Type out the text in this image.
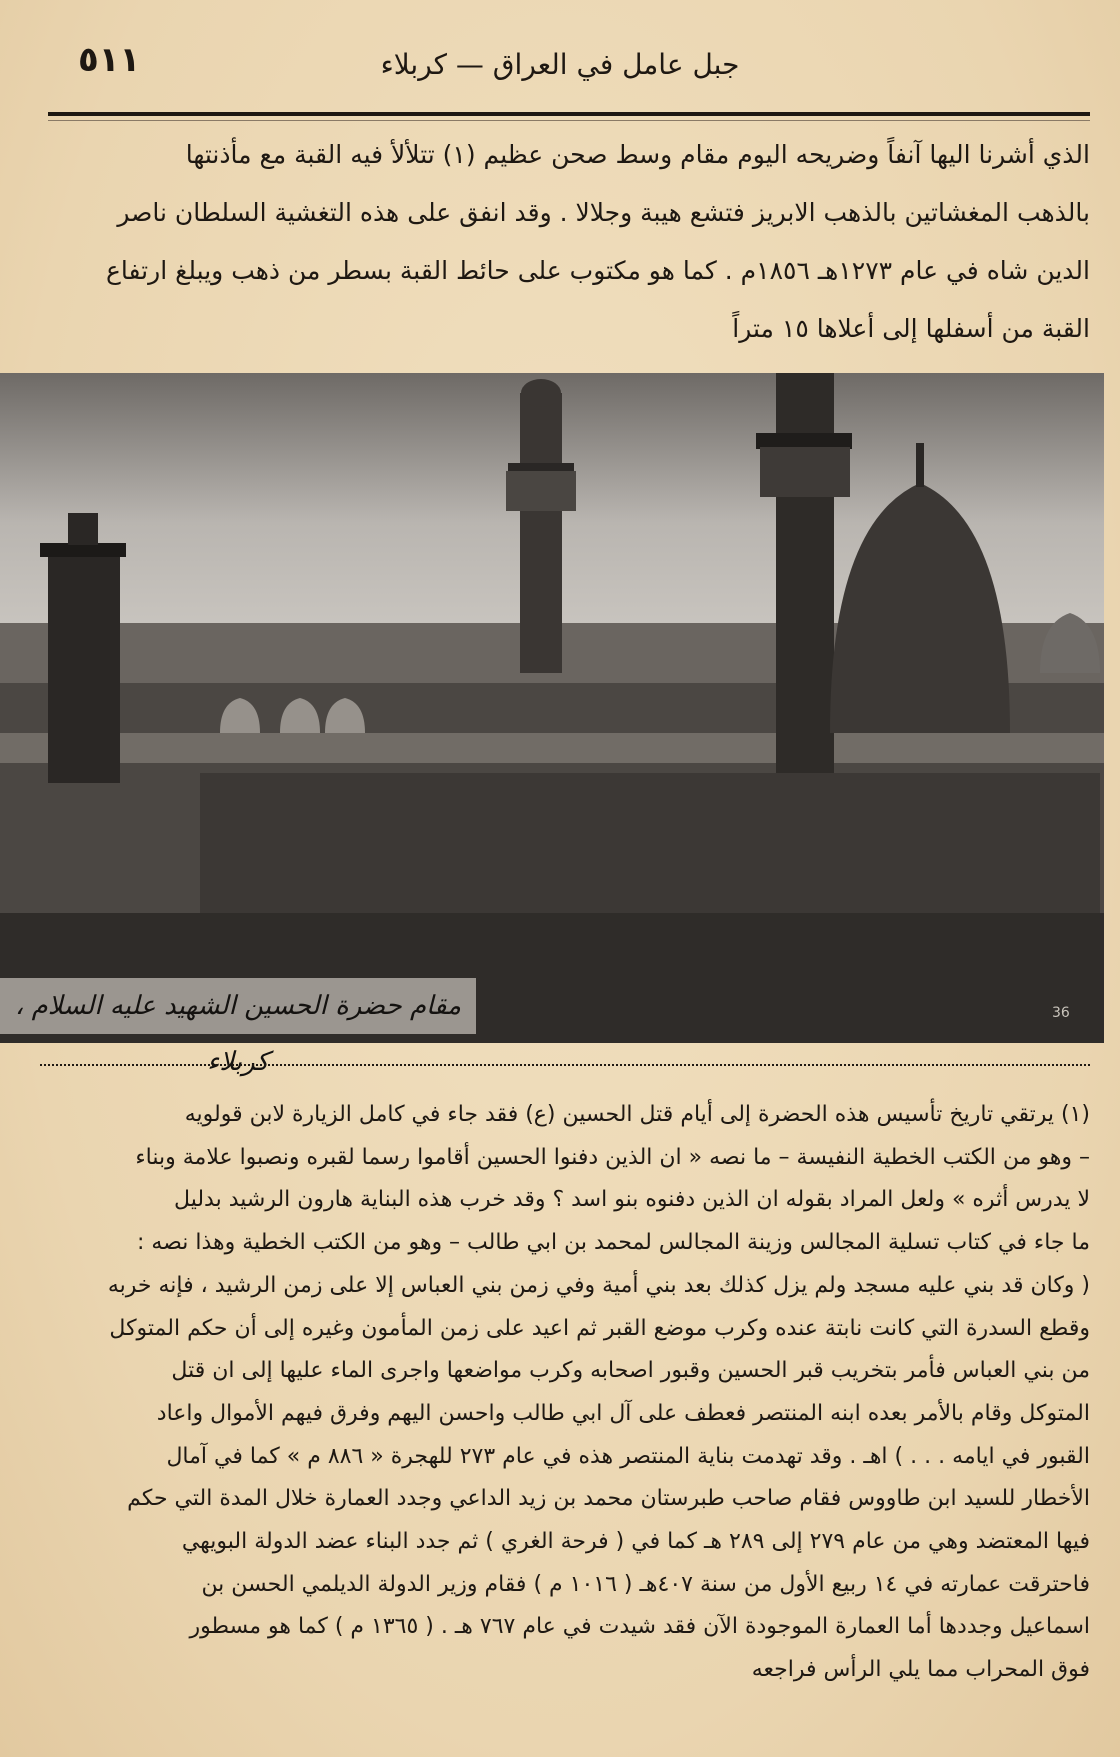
٥١١	جبل عامل في العراق — كربلاء

الذي أشرنا اليها آنفاً وضريحه اليوم مقام وسط صحن عظيم (١) تتلألأ فيه القبة مع مأذنتها

بالذهب المغشاتين بالذهب الابريز فتشع هيبة وجلالا . وقد انفق على هذه التغشية السلطان ناصر

الدين شاه في عام ١٢٧٣هـ ١٨٥٦م . كما هو مكتوب على حائط القبة بسطر من ذهب ويبلغ ارتفاع

القبة من أسفلها إلى أعلاها ١٥ متراً

مقام حضرة الحسين الشهيد عليه السلام ، كربلاء
36

(١) يرتقي تاريخ تأسيس هذه الحضرة إلى أيام قتل الحسين (ع) فقد جاء في كامل الزيارة لابن قولويه

– وهو من الكتب الخطية النفيسة – ما نصه « ان الذين دفنوا الحسين أقاموا رسما لقبره ونصبوا علامة وبناء

لا يدرس أثره » ولعل المراد بقوله ان الذين دفنوه بنو اسد ؟ وقد خرب هذه البناية هارون الرشيد بدليل

ما جاء في كتاب تسلية المجالس وزينة المجالس لمحمد بن ابي طالب – وهو من الكتب الخطية وهذا نصه :

( وكان قد بني عليه مسجد ولم يزل كذلك بعد بني أمية وفي زمن بني العباس إلا على زمن الرشيد ، فإنه خربه

وقطع السدرة التي كانت نابتة عنده وكرب موضع القبر ثم اعيد على زمن المأمون وغيره إلى أن حكم المتوكل

من بني العباس فأمر بتخريب قبر الحسين وقبور اصحابه وكرب مواضعها واجرى الماء عليها إلى ان قتل

المتوكل وقام بالأمر بعده ابنه المنتصر فعطف على آل ابي طالب واحسن اليهم وفرق فيهم الأموال واعاد

القبور في ايامه . . . ) اهـ . وقد تهدمت بناية المنتصر هذه في عام ٢٧٣ للهجرة « ٨٨٦ م » كما في آمال

الأخطار للسيد ابن طاووس فقام صاحب طبرستان محمد بن زيد الداعي وجدد العمارة خلال المدة التي حكم

فيها المعتضد وهي من عام ٢٧٩ إلى ٢٨٩ هـ كما في ( فرحة الغري ) ثم جدد البناء عضد الدولة البويهي

فاحترقت عمارته في ١٤ ربيع الأول من سنة ٤٠٧هـ ( ١٠١٦ م ) فقام وزير الدولة الديلمي الحسن بن

اسماعيل وجددها أما العمارة الموجودة الآن فقد شيدت في عام ٧٦٧ هـ . ( ١٣٦٥ م ) كما هو مسطور

فوق المحراب مما يلي الرأس فراجعه
